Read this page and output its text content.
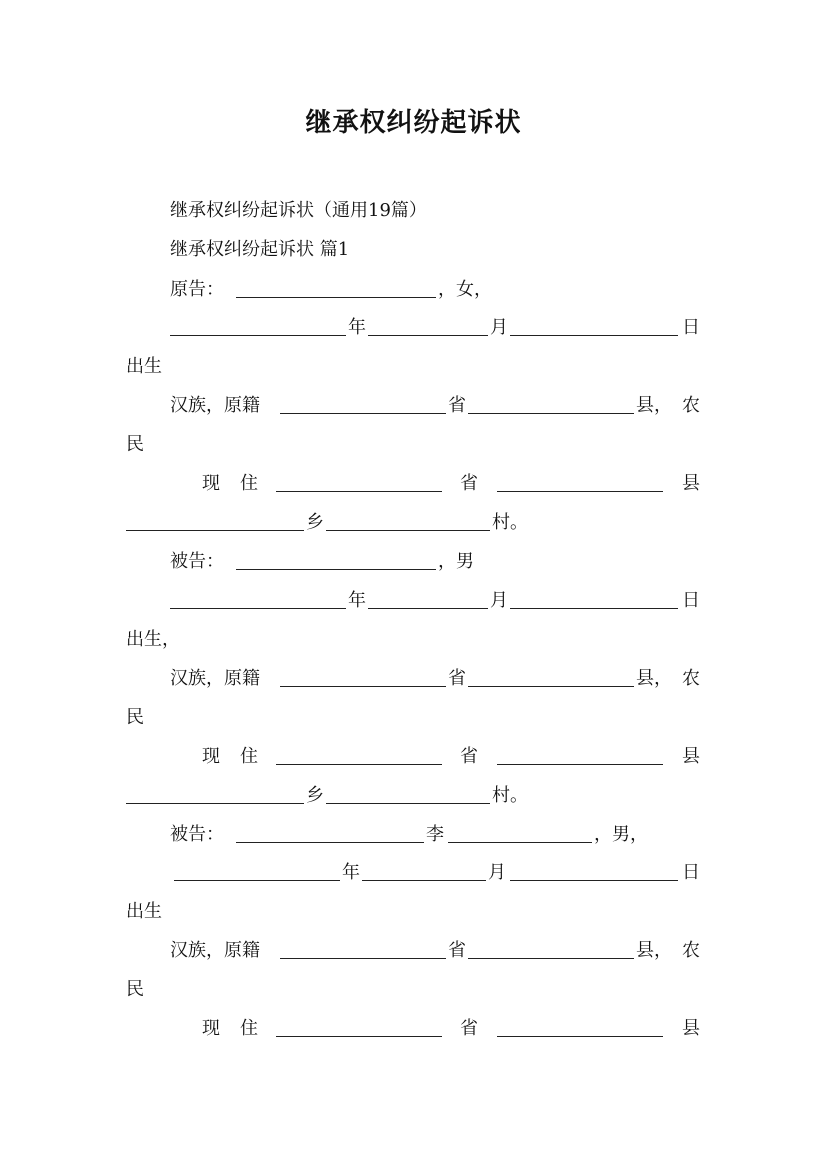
继承权纠纷起诉状
继承权纠纷起诉状（通用19篇）
继承权纠纷起诉状 篇1
原告：	，女，
年	月	日
出生
汉族，原籍	省	县， 农
民
现 住	省	县
乡	村。
被告：	，男
年	月	日
出生，
汉族，原籍	省	县， 农
民
现 住	省	县
乡	村。
被告：	李	，男，
年	月	日
出生
汉族，原籍	省	县， 农
民
现 住	省	县
